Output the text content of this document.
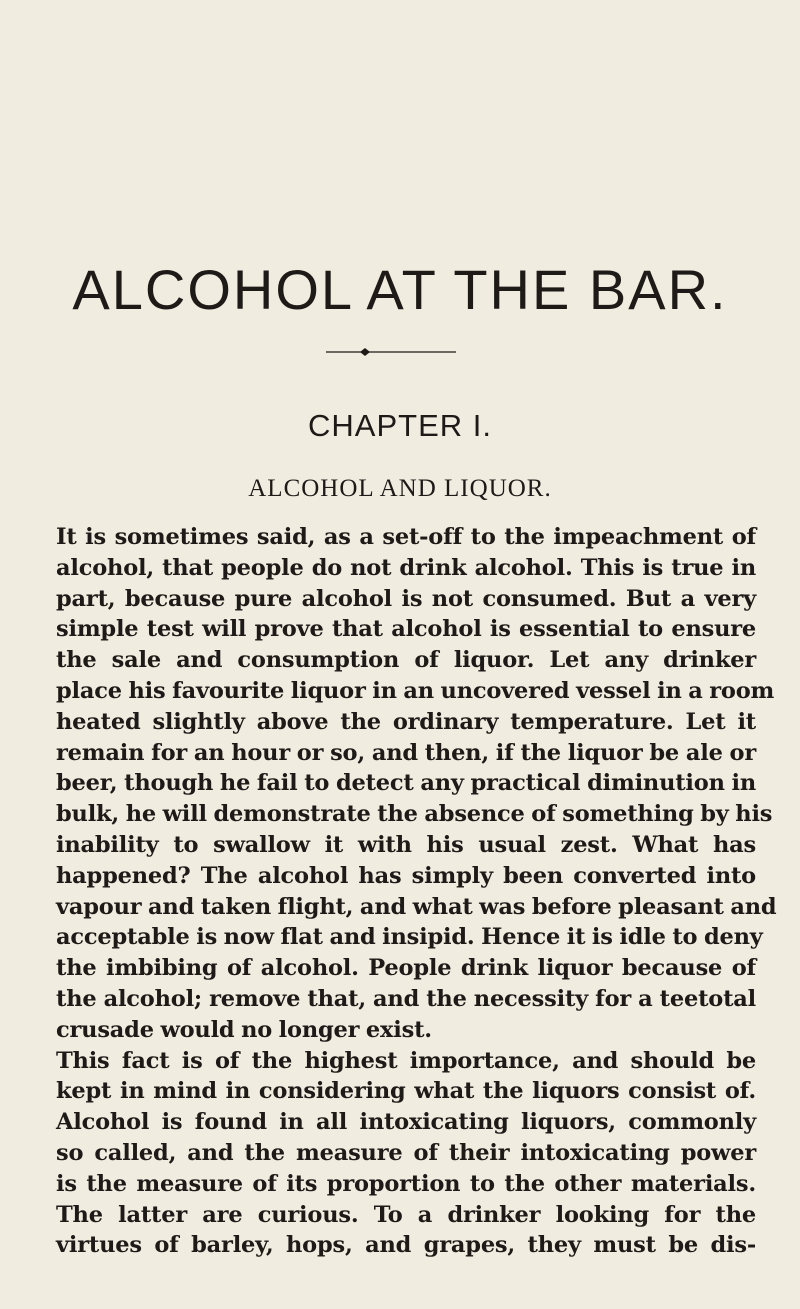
ALCOHOL AT THE BAR.
CHAPTER I.
ALCOHOL AND LIQUOR.
It is sometimes said, as a set-off to the impeachment of
alcohol, that people do not drink alcohol. This is true in
part, because pure alcohol is not consumed. But a very
simple test will prove that alcohol is essential to ensure
the sale and consumption of liquor. Let any drinker
place his favourite liquor in an uncovered vessel in a room
heated slightly above the ordinary temperature. Let it
remain for an hour or so, and then, if the liquor be ale or
beer, though he fail to detect any practical diminution in
bulk, he will demonstrate the absence of something by his
inability to swallow it with his usual zest. What has
happened? The alcohol has simply been converted into
vapour and taken flight, and what was before pleasant and
acceptable is now flat and insipid. Hence it is idle to deny
the imbibing of alcohol. People drink liquor because of
the alcohol; remove that, and the necessity for a teetotal
crusade would no longer exist.
This fact is of the highest importance, and should be
kept in mind in considering what the liquors consist of.
Alcohol is found in all intoxicating liquors, commonly
so called, and the measure of their intoxicating power
is the measure of its proportion to the other materials.
The latter are curious. To a drinker looking for the
virtues of barley, hops, and grapes, they must be dis-
